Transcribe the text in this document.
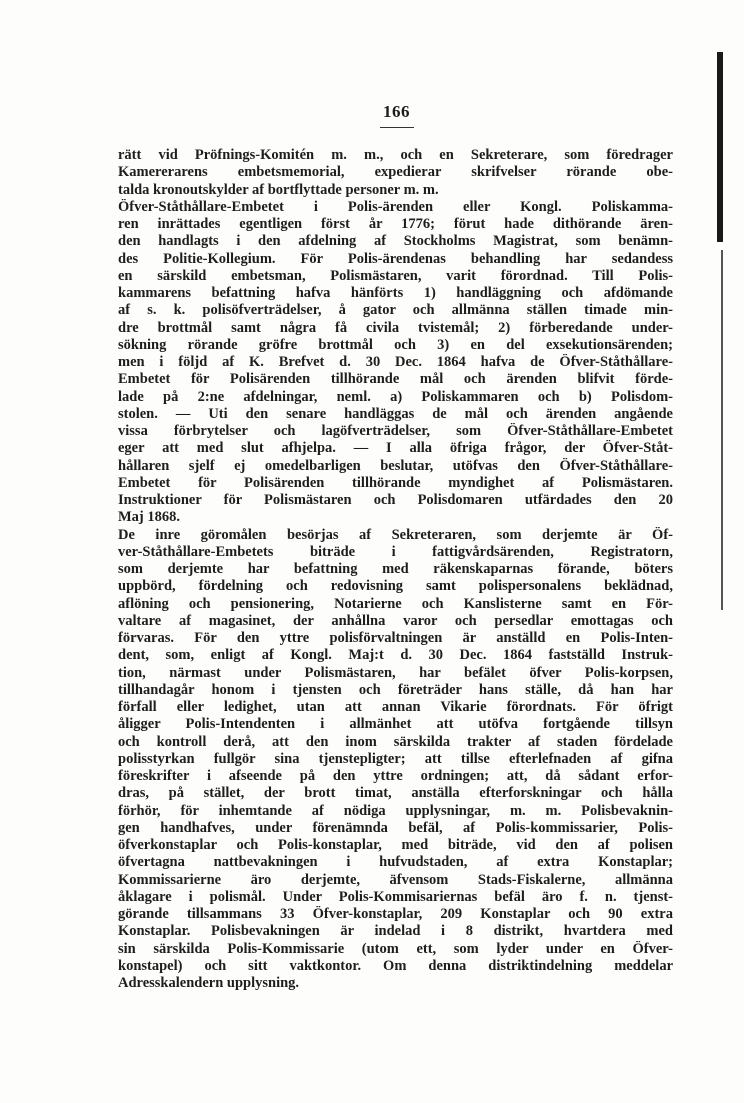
166
rätt vid Pröfnings-Komitén m. m., och en Sekreterare, som föredrager
Kamererarens embetsmemorial, expedierar skrifvelser rörande obe-
talda kronoutskylder af bortflyttade personer m. m.
Öfver-Ståthållare-Embetet i Polis-ärenden eller Kongl. Poliskamma-
ren inrättades egentligen först år 1776; förut hade dithörande ären-
den handlagts i den afdelning af Stockholms Magistrat, som benämn-
des Politie-Kollegium. För Polis-ärendenas behandling har sedandess
en särskild embetsman, Polismästaren, varit förordnad. Till Polis-
kammarens befattning hafva hänförts 1) handläggning och afdömande
af s. k. polisöfverträdelser, å gator och allmänna ställen timade min-
dre brottmål samt några få civila tvistemål; 2) förberedande under-
sökning rörande gröfre brottmål och 3) en del exsekutionsärenden;
men i följd af K. Brefvet d. 30 Dec. 1864 hafva de Öfver-Ståthållare-
Embetet för Polisärenden tillhörande mål och ärenden blifvit förde-
lade på 2:ne afdelningar, neml. a) Poliskammaren och b) Polisdom-
stolen. — Uti den senare handläggas de mål och ärenden angående
vissa förbrytelser och lagöfverträdelser, som Öfver-Ståthållare-Embetet
eger att med slut afhjelpa. — I alla öfriga frågor, der Öfver-Ståt-
hållaren sjelf ej omedelbarligen beslutar, utöfvas den Öfver-Ståthållare-
Embetet för Polisärenden tillhörande myndighet af Polismästaren.
Instruktioner för Polismästaren och Polisdomaren utfärdades den 20
Maj 1868.
De inre göromålen besörjas af Sekreteraren, som derjemte är Öf-
ver-Ståthållare-Embetets biträde i fattigvårdsärenden, Registratorn,
som derjemte har befattning med räkenskaparnas förande, böters
uppbörd, fördelning och redovisning samt polispersonalens beklädnad,
aflöning och pensionering, Notarierne och Kanslisterne samt en För-
valtare af magasinet, der anhållna varor och persedlar emottagas och
förvaras. För den yttre polisförvaltningen är anställd en Polis-Inten-
dent, som, enligt af Kongl. Maj:t d. 30 Dec. 1864 fastställd Instruk-
tion, närmast under Polismästaren, har befälet öfver Polis-korpsen,
tillhandagår honom i tjensten och företräder hans ställe, då han har
förfall eller ledighet, utan att annan Vikarie förordnats. För öfrigt
åligger Polis-Intendenten i allmänhet att utöfva fortgående tillsyn
och kontroll derå, att den inom särskilda trakter af staden fördelade
polisstyrkan fullgör sina tjenstepligter; att tillse efterlefnaden af gifna
föreskrifter i afseende på den yttre ordningen; att, då sådant erfor-
dras, på stället, der brott timat, anställa efterforskningar och hålla
förhör, för inhemtande af nödiga upplysningar, m. m. Polisbevaknin-
gen handhafves, under förenämnda befäl, af Polis-kommissarier, Polis-
öfverkonstaplar och Polis-konstaplar, med biträde, vid den af polisen
öfvertagna nattbevakningen i hufvudstaden, af extra Konstaplar;
Kommissarierne äro derjemte, äfvensom Stads-Fiskalerne, allmänna
åklagare i polismål. Under Polis-Kommisariernas befäl äro f. n. tjenst-
görande tillsammans 33 Öfver-konstaplar, 209 Konstaplar och 90 extra
Konstaplar. Polisbevakningen är indelad i 8 distrikt, hvartdera med
sin särskilda Polis-Kommissarie (utom ett, som lyder under en Öfver-
konstapel) och sitt vaktkontor. Om denna distriktindelning meddelar
Adresskalendern upplysning.
